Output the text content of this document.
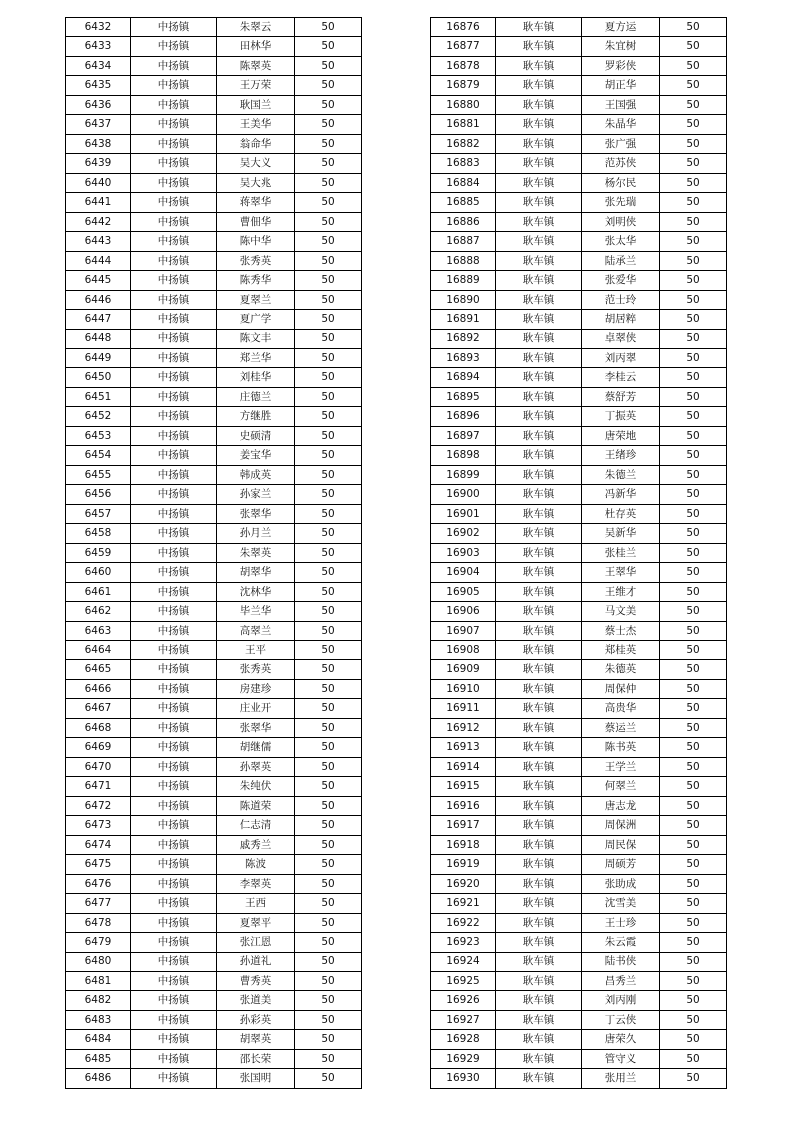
6432	中扬镇	朱翠云	50
6433	中扬镇	田林华	50
6434	中扬镇	陈翠英	50
6435	中扬镇	王万荣	50
6436	中扬镇	耿国兰	50
6437	中扬镇	王美华	50
6438	中扬镇	翁命华	50
6439	中扬镇	吴大义	50
6440	中扬镇	吴大兆	50
6441	中扬镇	蒋翠华	50
6442	中扬镇	曹佃华	50
6443	中扬镇	陈中华	50
6444	中扬镇	张秀英	50
6445	中扬镇	陈秀华	50
6446	中扬镇	夏翠兰	50
6447	中扬镇	夏广学	50
6448	中扬镇	陈文丰	50
6449	中扬镇	郑兰华	50
6450	中扬镇	刘桂华	50
6451	中扬镇	庄德兰	50
6452	中扬镇	方继胜	50
6453	中扬镇	史硕清	50
6454	中扬镇	姜宝华	50
6455	中扬镇	韩成英	50
6456	中扬镇	孙家兰	50
6457	中扬镇	张翠华	50
6458	中扬镇	孙月兰	50
6459	中扬镇	朱翠英	50
6460	中扬镇	胡翠华	50
6461	中扬镇	沈林华	50
6462	中扬镇	毕兰华	50
6463	中扬镇	高翠兰	50
6464	中扬镇	王平	50
6465	中扬镇	张秀英	50
6466	中扬镇	房建珍	50
6467	中扬镇	庄业开	50
6468	中扬镇	张翠华	50
6469	中扬镇	胡继儒	50
6470	中扬镇	孙翠英	50
6471	中扬镇	朱纯伏	50
6472	中扬镇	陈道荣	50
6473	中扬镇	仁志清	50
6474	中扬镇	戚秀兰	50
6475	中扬镇	陈波	50
6476	中扬镇	李翠英	50
6477	中扬镇	王西	50
6478	中扬镇	夏翠平	50
6479	中扬镇	张江恩	50
6480	中扬镇	孙道礼	50
6481	中扬镇	曹秀英	50
6482	中扬镇	张道美	50
6483	中扬镇	孙彩英	50
6484	中扬镇	胡翠英	50
6485	中扬镇	邵长荣	50
6486	中扬镇	张国明	50
16876	耿车镇	夏方运	50
16877	耿车镇	朱宜树	50
16878	耿车镇	罗彩侠	50
16879	耿车镇	胡正华	50
16880	耿车镇	王国强	50
16881	耿车镇	朱晶华	50
16882	耿车镇	张广强	50
16883	耿车镇	范苏侠	50
16884	耿车镇	杨尔民	50
16885	耿车镇	张先瑞	50
16886	耿车镇	刘明侠	50
16887	耿车镇	张太华	50
16888	耿车镇	陆承兰	50
16889	耿车镇	张爱华	50
16890	耿车镇	范士玲	50
16891	耿车镇	胡居粹	50
16892	耿车镇	卓翠侠	50
16893	耿车镇	刘丙翠	50
16894	耿车镇	李桂云	50
16895	耿车镇	蔡舒芳	50
16896	耿车镇	丁振英	50
16897	耿车镇	唐荣地	50
16898	耿车镇	王绪珍	50
16899	耿车镇	朱德兰	50
16900	耿车镇	冯新华	50
16901	耿车镇	杜存英	50
16902	耿车镇	吴新华	50
16903	耿车镇	张桂兰	50
16904	耿车镇	王翠华	50
16905	耿车镇	王维才	50
16906	耿车镇	马文美	50
16907	耿车镇	蔡士杰	50
16908	耿车镇	郑桂英	50
16909	耿车镇	朱德英	50
16910	耿车镇	周保仲	50
16911	耿车镇	高贵华	50
16912	耿车镇	蔡运兰	50
16913	耿车镇	陈书英	50
16914	耿车镇	王学兰	50
16915	耿车镇	何翠兰	50
16916	耿车镇	唐志龙	50
16917	耿车镇	周保洲	50
16918	耿车镇	周民保	50
16919	耿车镇	周硕芳	50
16920	耿车镇	张助成	50
16921	耿车镇	沈雪美	50
16922	耿车镇	王士珍	50
16923	耿车镇	朱云霞	50
16924	耿车镇	陆书侠	50
16925	耿车镇	昌秀兰	50
16926	耿车镇	刘丙刚	50
16927	耿车镇	丁云侠	50
16928	耿车镇	唐荣久	50
16929	耿车镇	管守义	50
16930	耿车镇	张用兰	50
